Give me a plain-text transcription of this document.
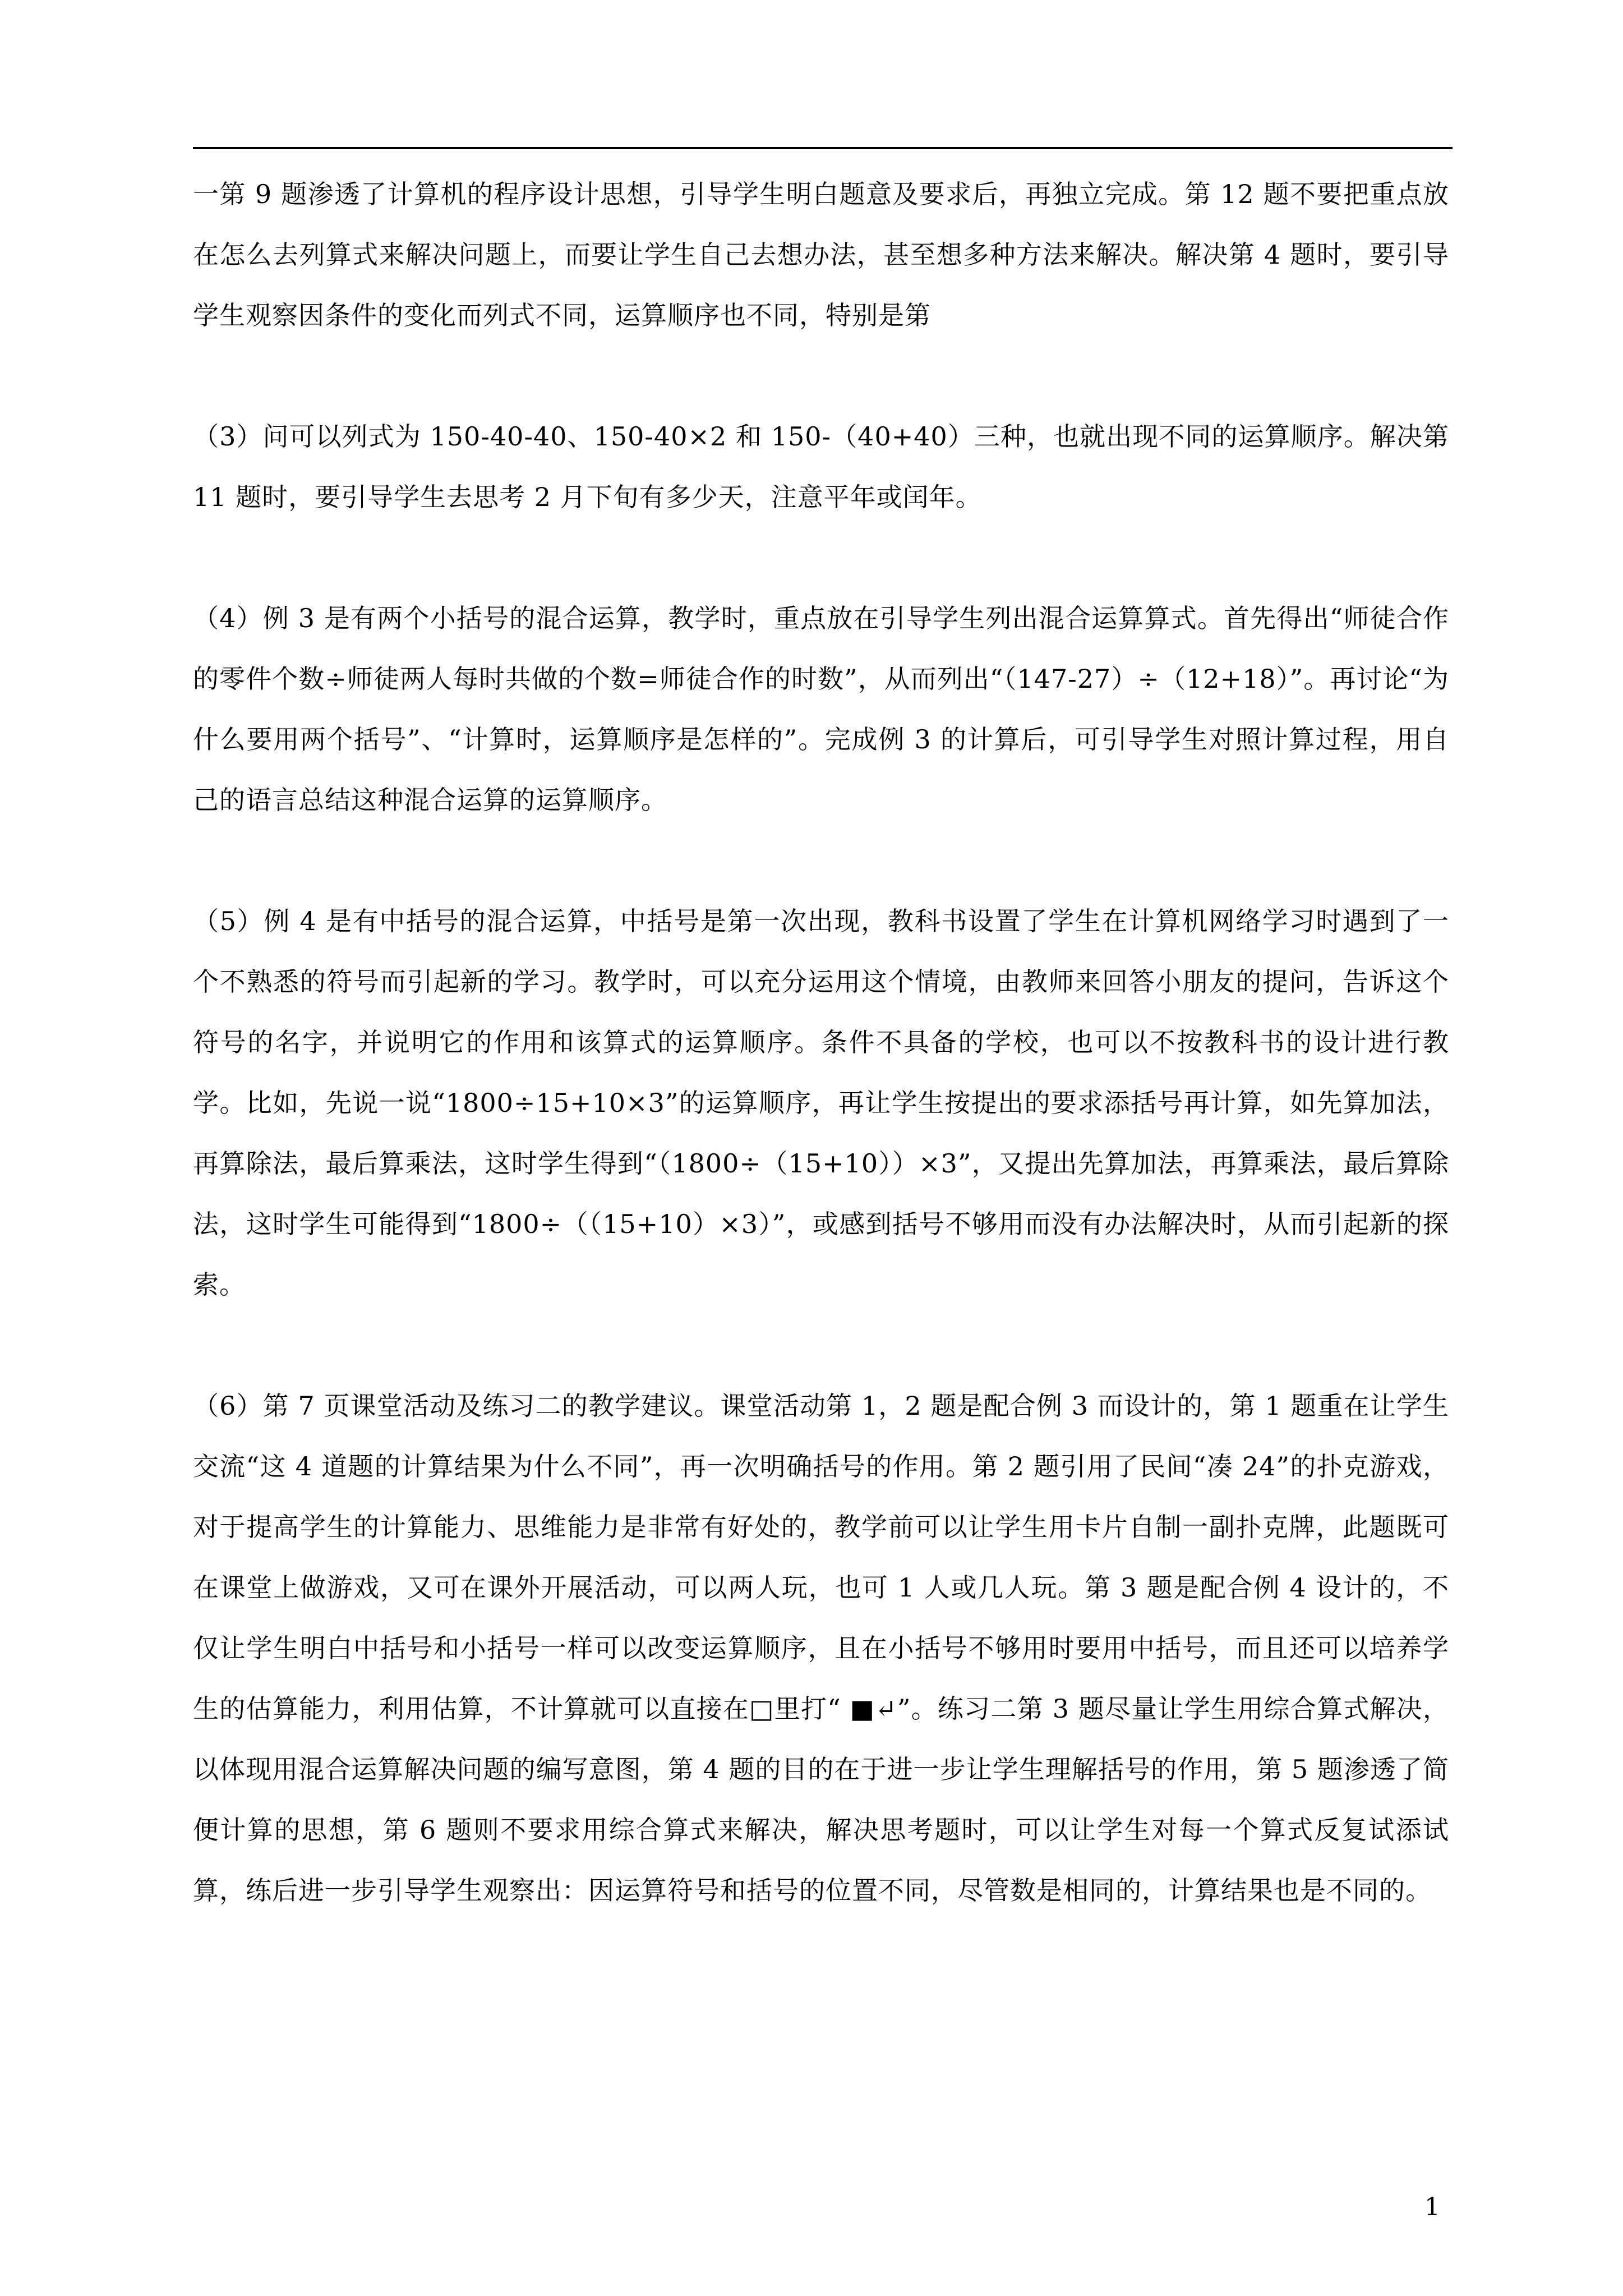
一第 9 题渗透了计算机的程序设计思想，引导学生明白题意及要求后，再独立完成。第 12 题不要把重点放在怎么去列算式来解决问题上，而要让学生自己去想办法，甚至想多种方法来解决。解决第 4 题时，要引导学生观察因条件的变化而列式不同，运算顺序也不同，特别是第

（3）问可以列式为 150-40-40、150-40×2 和 150-（40+40）三种，也就出现不同的运算顺序。解决第 11 题时，要引导学生去思考 2 月下旬有多少天，注意平年或闰年。

（4）例 3 是有两个小括号的混合运算，教学时，重点放在引导学生列出混合运算算式。首先得出“师徒合作的零件个数÷师徒两人每时共做的个数=师徒合作的时数”，从而列出“（147-27）÷（12+18）”。再讨论“为什么要用两个括号”、“计算时，运算顺序是怎样的”。完成例 3 的计算后，可引导学生对照计算过程，用自己的语言总结这种混合运算的运算顺序。

（5）例 4 是有中括号的混合运算，中括号是第一次出现，教科书设置了学生在计算机网络学习时遇到了一个不熟悉的符号而引起新的学习。教学时，可以充分运用这个情境，由教师来回答小朋友的提问，告诉这个符号的名字，并说明它的作用和该算式的运算顺序。条件不具备的学校，也可以不按教科书的设计进行教学。比如，先说一说“1800÷15+10×3”的运算顺序，再让学生按提出的要求添括号再计算，如先算加法，再算除法，最后算乘法，这时学生得到“（1800÷（15+10））×3”，又提出先算加法，再算乘法，最后算除法，这时学生可能得到“1800÷（（15+10）×3）”，或感到括号不够用而没有办法解决时，从而引起新的探索。

（6）第 7 页课堂活动及练习二的教学建议。课堂活动第 1，2 题是配合例 3 而设计的，第 1 题重在让学生交流“这 4 道题的计算结果为什么不同”，再一次明确括号的作用。第 2 题引用了民间“凑 24”的扑克游戏，对于提高学生的计算能力、思维能力是非常有好处的，教学前可以让学生用卡片自制一副扑克牌，此题既可在课堂上做游戏，又可在课外开展活动，可以两人玩，也可 1 人或几人玩。第 3 题是配合例 4 设计的，不仅让学生明白中括号和小括号一样可以改变运算顺序，且在小括号不够用时要用中括号，而且还可以培养学生的估算能力，利用估算，不计算就可以直接在□里打“ ■↵”。练习二第 3 题尽量让学生用综合算式解决，以体现用混合运算解决问题的编写意图，第 4 题的目的在于进一步让学生理解括号的作用，第 5 题渗透了简便计算的思想，第 6 题则不要求用综合算式来解决，解决思考题时，可以让学生对每一个算式反复试添试算，练后进一步引导学生观察出：因运算符号和括号的位置不同，尽管数是相同的，计算结果也是不同的。

1
